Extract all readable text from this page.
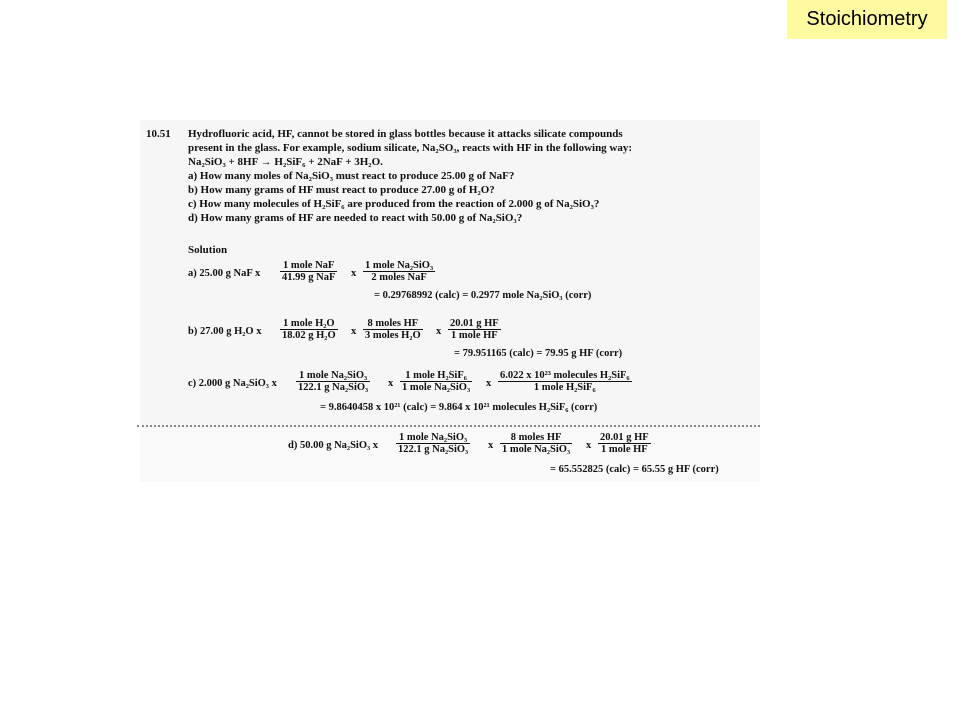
Stoichiometry
10.51 Hydrofluoric acid, HF, cannot be stored in glass bottles because it attacks silicate compounds
present in the glass. For example, sodium silicate, Na₂SO₃, reacts with HF in the following way:
Na₂SiO₃ + 8HF → H₂SiF₆ + 2NaF + 3H₂O.
a) How many moles of Na₂SiO₃ must react to produce 25.00 g of NaF?
b) How many grams of HF must react to produce 27.00 g of H₂O?
c) How many molecules of H₂SiF₆ are produced from the reaction of 2.000 g of Na₂SiO₃?
d) How many grams of HF are needed to react with 50.00 g of Na₂SiO₃?
Solution
a) 25.00 g NaF x
1 mole NaF
41.99 g NaF x
1 mole Na₂SiO₃
2 moles NaF
= 0.29768992 (calc) = 0.2977 mole Na₂SiO₃ (corr)
b) 27.00 g H₂O x
1 mole H₂O
18.02 g H₂O x
8 moles HF
3 moles H₂O x
20.01 g HF
1 mole HF
= 79.951165 (calc) = 79.95 g HF (corr)
c) 2.000 g Na₂SiO₃ x
1 mole Na₂SiO₃
122.1 g Na₂SiO₃ x
1 mole H₂SiF₆
1 mole Na₂SiO₃ x
6.022 x 10²³ molecules H₂SiF₆
1 mole H₂SiF₆
= 9.8640458 x 10²¹ (calc) = 9.864 x 10²¹ molecules H₂SiF₆ (corr)
d) 50.00 g Na₂SiO₃ x
1 mole Na₂SiO₃
122.1 g Na₂SiO₃ x
8 moles HF
1 mole Na₂SiO₃ x
20.01 g HF
1 mole HF
= 65.552825 (calc) = 65.55 g HF (corr)
